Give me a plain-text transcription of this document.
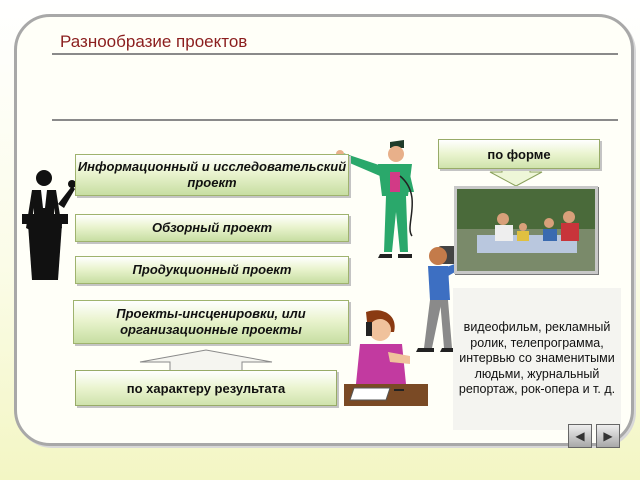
Разнообразие проектов
по форме
Информационный и исследовательский проект
Обзорный проект
Продукционный проект
Проекты-инсценировки, или организационные проекты
по характеру результата
видеофильм, рекламный ролик, телепрограмма, интервью со знаменитыми людьми, журнальный репортаж, рок-опера и т. д.
◀ ▶
